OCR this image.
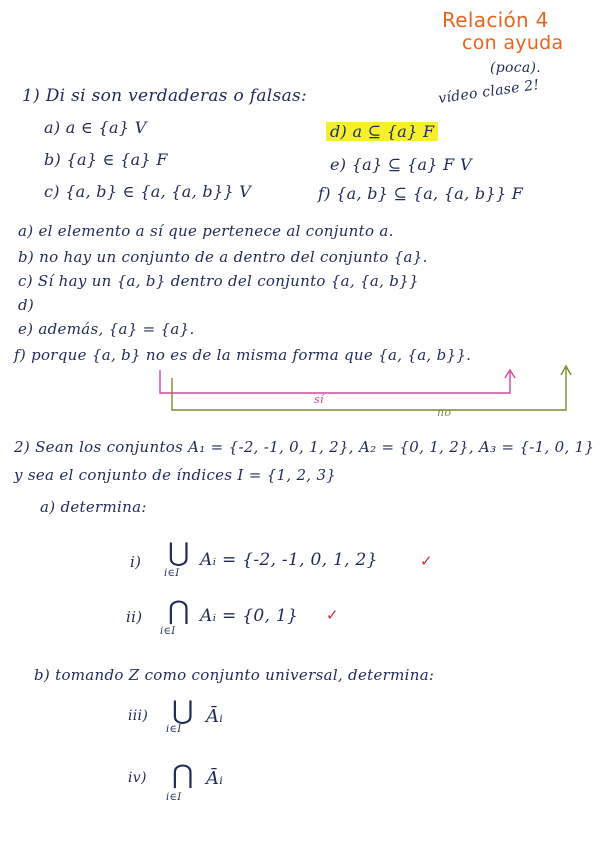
Relación 4
con ayuda
(poca).
vídeo clase 2!
1) Di si son verdaderas o falsas:
a) a ∈ {a} V
b) {a} ∈ {a} F
c) {a, b} ∈ {a, {a, b}} V
d) a ⊆ {a} F
e) {a} ⊆ {a} F V
f) {a, b} ⊆ {a, {a, b}} F
a) el elemento a sí que pertenece al conjunto a.
b) no hay un conjunto de a dentro del conjunto {a}.
c) Sí hay un {a, b} dentro del conjunto {a, {a, b}}
d)
e) además, {a} = {a}.
f) porque {a, b} no es de la misma forma que {a, {a, b}}.
sí
no
2) Sean los conjuntos A₁ = {-2, -1, 0, 1, 2}, A₂ = {0, 1, 2}, A₃ = {-1, 0, 1}
y sea el conjunto de índices I = {1, 2, 3}
a) determina:
i) ⋃
i∈I
Aᵢ = {-2, -1, 0, 1, 2}	✓
ii) ⋂
i∈I
Aᵢ = {0, 1} ✓
b) tomando Z como conjunto universal, determina:
iii) ⋃
i∈I
Āᵢ
iv) ⋂
i∈I
Āᵢ
